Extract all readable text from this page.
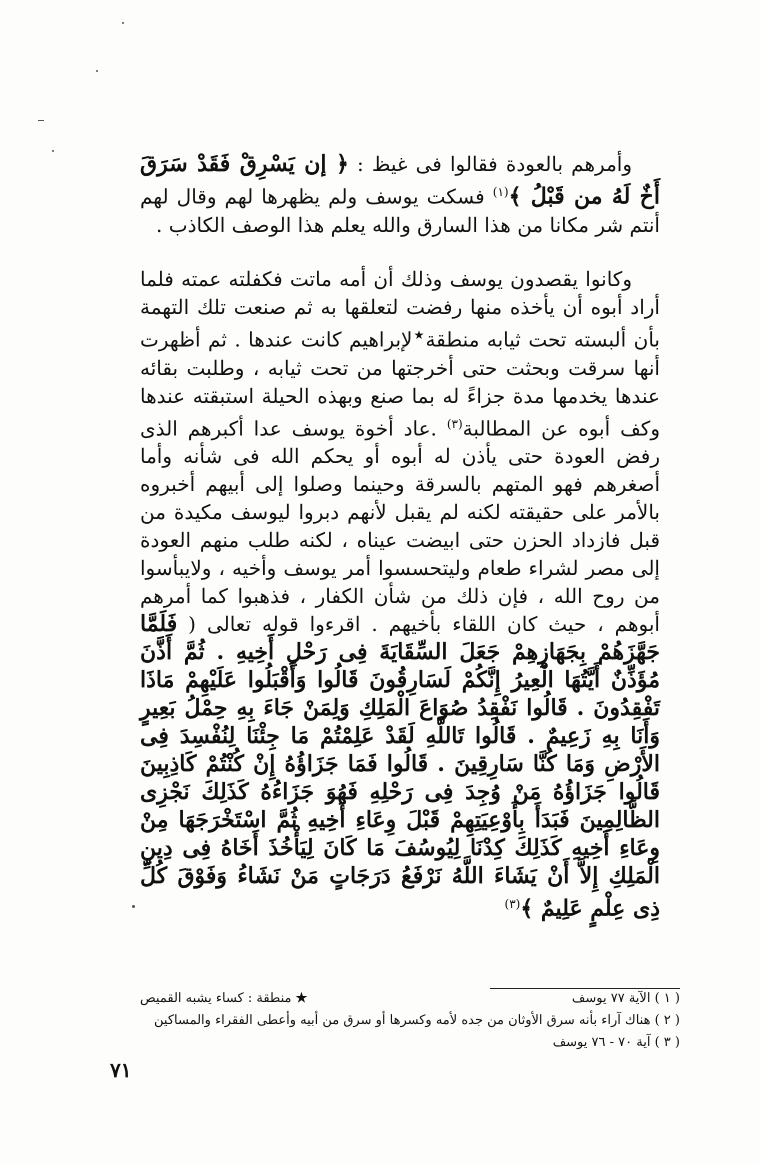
وأمرهم بالعودة فقالوا فى غيظ : ﴿ إن يَسْرِقْ فَقَدْ سَرَقَ أَخٌ لَهُ من قَبْلُ ﴾$^{(١)}$ فسكت يوسف ولم يظهرها لهم وقال لهم أنتم شر مكانا من هذا السارق والله يعلم هذا الوصف الكاذب .

وكانوا يقصدون يوسف وذلك أن أمه ماتت فكفلته عمته فلما أراد أبوه أن يأخذه منها رفضت لتعلقها به ثم صنعت تلك التهمة بأن ألبسته تحت ثيابه منطقة★لإبراهيم كانت عندها . ثم أظهرت أنها سرقت وبحثت حتى أخرجتها من تحت ثيابه ، وطلبت بقائه عندها يخدمها مدة جزاءً له بما صنع وبهذه الحيلة استبقته عندها وكف أبوه عن المطالبة$^{(٣)}$ .عاد أخوة يوسف عدا أكبرهم الذى رفض العودة حتى يأذن له أبوه أو يحكم الله فى شأنه وأما أصغرهم فهو المتهم بالسرقة وحينما وصلوا إلى أبيهم أخبروه بالأمر على حقيقته لكنه لم يقبل لأنهم دبروا ليوسف مكيدة من قبل فازداد الحزن حتى ابيضت عيناه ، لكنه طلب منهم العودة إلى مصر لشراء طعام وليتحسسوا أمر يوسف وأخيه ، ولايبأسوا من روح الله ، فإن ذلك من شأن الكفار ، فذهبوا كما أمرهم أبوهم ، حيث كان اللقاء بأخيهم . اقرءوا قوله تعالى ( فَلَمَّا جَهَّزَهُمْ بِجَهَازِهِمْ جَعَلَ السِّقَايَةَ فِى رَحْلِ أَخِيهِ . ثُمَّ أَذَّنَ مُؤَذِّنٌ أَيَّتُهَا الْعِيرُ إِنَّكُمْ لَسَارِقُونَ قَالُوا وَأَقْبَلُوا عَلَيْهِمْ مَاذَا تَفْقِدُونَ . قَالُوا نَفْقِدُ صُوَاعَ الْمَلِكِ وَلِمَنْ جَاءَ بِهِ حِمْلُ بَعِيرٍ وَأَنَا بِهِ زَعِيمٌ . قَالُوا تَاللَّهِ لَقَدْ عَلِمْتُمْ مَا جِئْنَا لِنُفْسِدَ فِى الأَرْضِ وَمَا كُنَّا سَارِقِينَ . قَالُوا فَمَا جَزَاؤُهُ إِنْ كُنْتُمْ كَاذِبِينَ قَالُوا جَزَاؤُهُ مَنْ وُجِدَ فِى رَحْلِهِ فَهُوَ جَزَاءُهُ كَذَلِكَ نَجْزِى الظَّالِمِينَ فَبَدَأَ بِأَوْعِيَتِهِمْ قَبْلَ وِعَاءِ أَخِيهِ ثُمَّ اسْتَخْرَجَهَا مِنْ وِعَاءِ أَخِيهِ كَذَلِكَ كِدْنَا لِيُوسُفَ مَا كَانَ لِيَأْخُذَ أَخَاهُ فِى دِينِ الْمَلِكِ إِلاَّ أَنْ يَشَاءَ اللَّهُ نَرْفَعُ دَرَجَاتٍ مَنْ نَشَاءُ وَفَوْقَ كُلِّ ذِى عِلْمٍ عَلِيمٌ ﴾$^{(٣)}$

( ١ ) الآية ٧٧ يوسف
★ منطقة : كساء يشبه القميص
( ٢ ) هناك آراء بأنه سرق الأوثان من جده لأمه وكسرها أو سرق من أبيه وأعطى الفقراء والمساكين
( ٣ ) آية ٧٠ - ٧٦ يوسف
٧١
